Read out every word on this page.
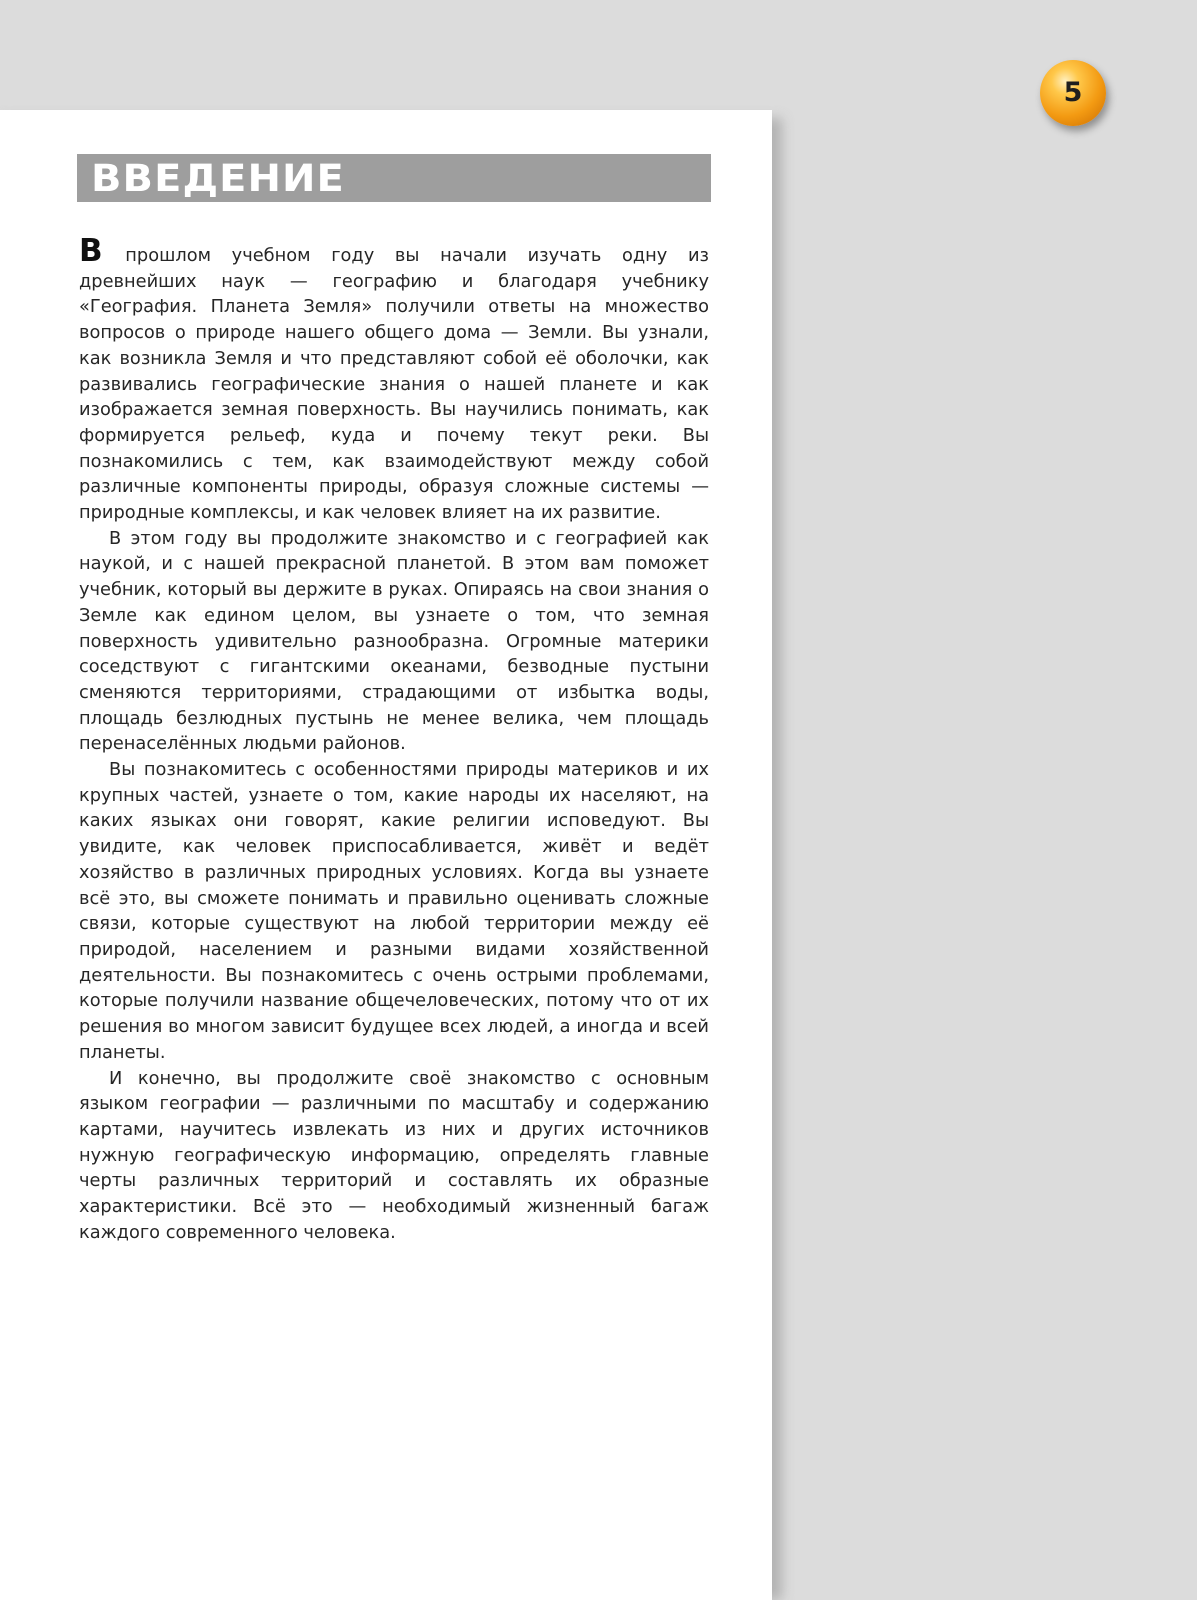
5
ВВЕДЕНИЕ

В прошлом учебном году вы начали изучать одну из древнейших наук — географию и благодаря учебнику «География. Планета Земля» получили ответы на множество вопросов о природе нашего общего дома — Земли. Вы узнали, как возникла Земля и что представляют собой её оболочки, как развивались географические знания о нашей планете и как изображается земная поверхность. Вы научились понимать, как формируется рельеф, куда и почему текут реки. Вы познакомились с тем, как взаимодействуют между собой различные компоненты природы, образуя сложные системы — природные комплексы, и как человек влияет на их развитие.

В этом году вы продолжите знакомство и с географией как наукой, и с нашей прекрасной планетой. В этом вам поможет учебник, который вы держите в руках. Опираясь на свои знания о Земле как едином целом, вы узнаете о том, что земная поверхность удивительно разнообразна. Огромные материки соседствуют с гигантскими океанами, безводные пустыни сменяются территориями, страдающими от избытка воды, площадь безлюдных пустынь не менее велика, чем площадь перенаселённых людьми районов.

Вы познакомитесь с особенностями природы материков и их крупных частей, узнаете о том, какие народы их населяют, на каких языках они говорят, какие религии исповедуют. Вы увидите, как человек приспосабливается, живёт и ведёт хозяйство в различных природных условиях. Когда вы узнаете всё это, вы сможете понимать и правильно оценивать сложные связи, которые существуют на любой территории между её природой, населением и разными видами хозяйственной деятельности. Вы познакомитесь с очень острыми проблемами, которые получили название общечеловеческих, потому что от их решения во многом зависит будущее всех людей, а иногда и всей планеты.

И конечно, вы продолжите своё знакомство с основным языком географии — различными по масштабу и содержанию картами, научитесь извлекать из них и других источников нужную географическую информацию, определять главные черты различных территорий и составлять их образные характеристики. Всё это — необходимый жизненный багаж каждого современного человека.
